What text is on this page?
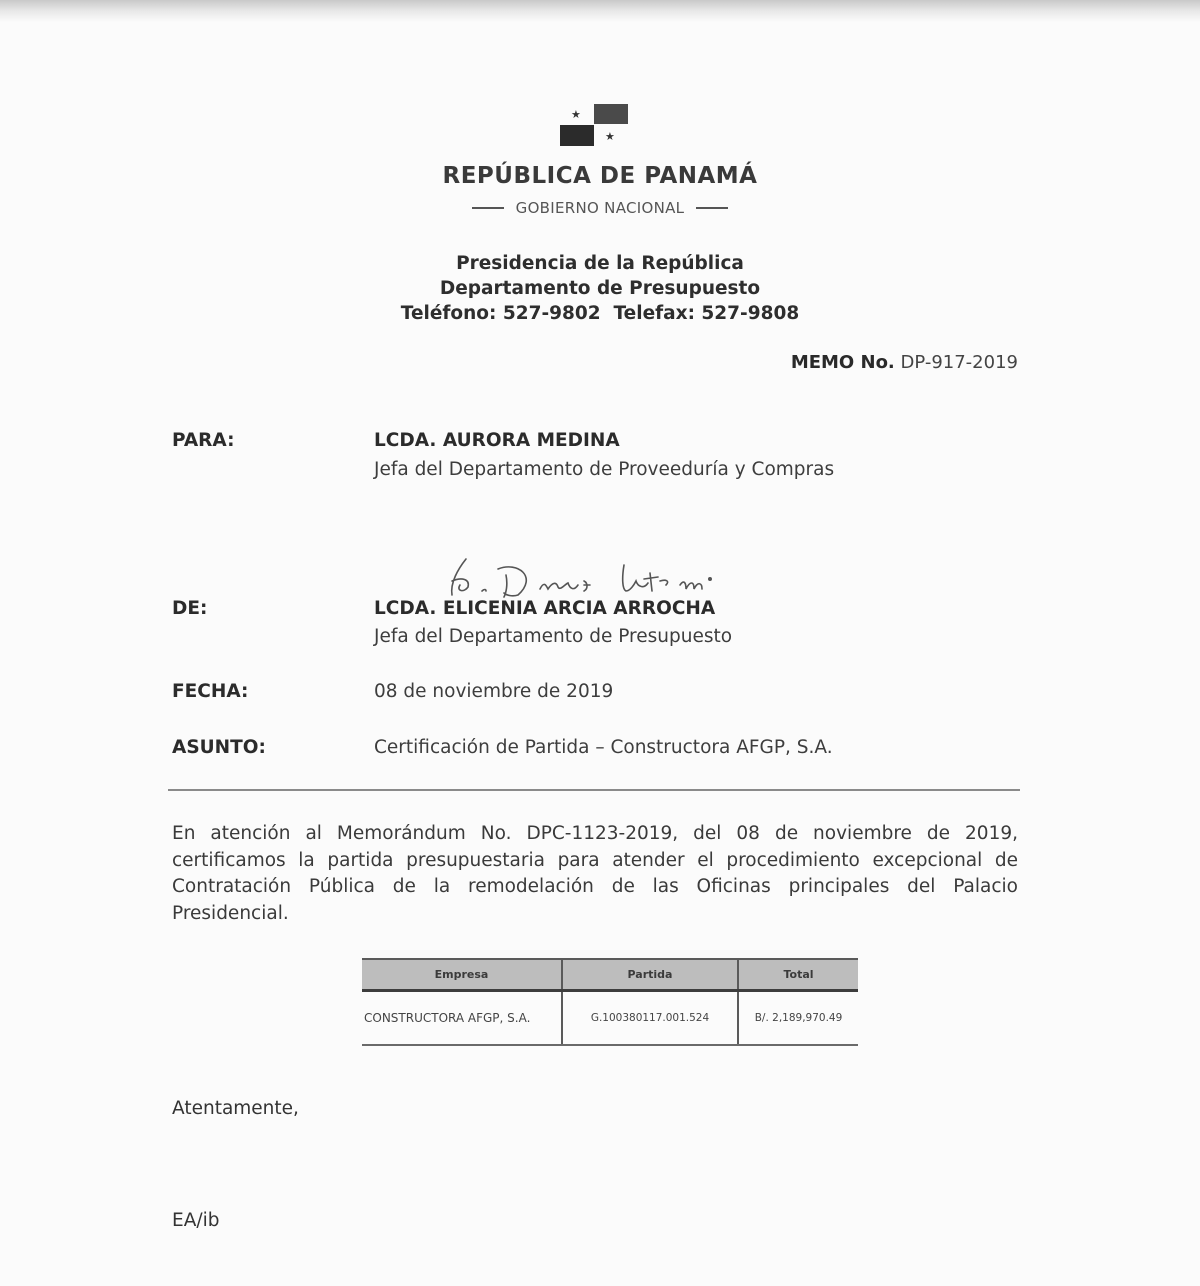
★
★
REPÚBLICA DE PANAMÁ
GOBIERNO NACIONAL
Presidencia de la República
Departamento de Presupuesto
Teléfono: 527-9802  Telefax: 527-9808
MEMO No. DP-917-2019
PARA:	LCDA. AURORA MEDINA
Jefa del Departamento de Proveeduría y Compras
DE:	LCDA. ELICENIA ARCIA ARROCHA
Jefa del Departamento de Presupuesto
FECHA:	08 de noviembre de 2019
ASUNTO:	Certificación de Partida – Constructora AFGP, S.A.

En atención al Memorándum No. DPC-1123-2019, del 08 de noviembre de 2019, certificamos la partida presupuestaria para atender el procedimiento excepcional de Contratación Pública de la remodelación de las Oficinas principales del Palacio Presidencial.

Empresa	Partida	Total
CONSTRUCTORA AFGP, S.A.	G.100380117.001.524	B/. 2,189,970.49
Atentamente,
EA/ib
